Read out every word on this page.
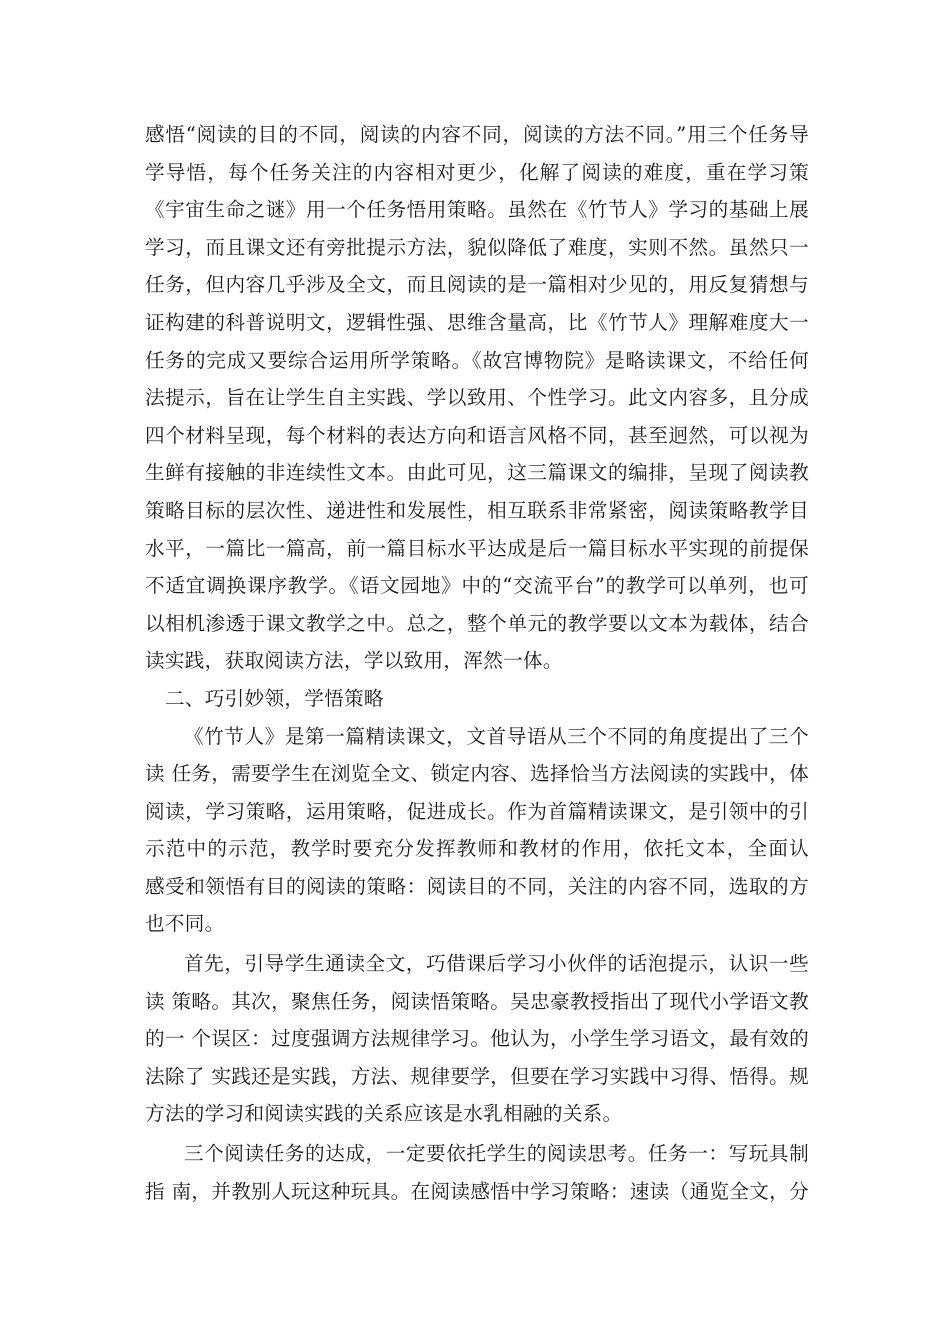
感悟“阅读的目的不同，阅读的内容不同，阅读的方法不同。”用三个任务导
学导悟，每个任务关注的内容相对更少，化解了阅读的难度，重在学习策
《宇宙生命之谜》用一个任务悟用策略。虽然在《竹节人》学习的基础上展
学习，而且课文还有旁批提示方法，貌似降低了难度，实则不然。虽然只一
任务，但内容几乎涉及全文，而且阅读的是一篇相对少见的，用反复猜想与
证构建的科普说明文，逻辑性强、思维含量高，比《竹节人》理解难度大一
任务的完成又要综合运用所学策略。《故宫博物院》是略读课文，不给任何
法提示，旨在让学生自主实践、学以致用、个性学习。此文内容多，且分成
四个材料呈现，每个材料的表达方向和语言风格不同，甚至迥然，可以视为
生鲜有接触的非连续性文本。由此可见，这三篇课文的编排，呈现了阅读教
策略目标的层次性、递进性和发展性，相互联系非常紧密，阅读策略教学目
水平，一篇比一篇高，前一篇目标水平达成是后一篇目标水平实现的前提保
不适宜调换课序教学。《语文园地》中的“交流平台”的教学可以单列，也可
以相机渗透于课文教学之中。总之，整个单元的教学要以文本为载体，结合
读实践，获取阅读方法，学以致用，浑然一体。
二、巧引妙领，学悟策略
《竹节人》是第一篇精读课文，文首导语从三个不同的角度提出了三个
读 任务，需要学生在浏览全文、锁定内容、选择恰当方法阅读的实践中，体
阅读，学习策略，运用策略，促进成长。作为首篇精读课文，是引领中的引
示范中的示范，教学时要充分发挥教师和教材的作用，依托文本，全面认
感受和领悟有目的阅读的策略：阅读目的不同，关注的内容不同，选取的方
也不同。
首先，引导学生通读全文，巧借课后学习小伙伴的话泡提示，认识一些
读 策略。其次，聚焦任务，阅读悟策略。吴忠豪教授指出了现代小学语文教
的一 个误区：过度强调方法规律学习。他认为，小学生学习语文，最有效的
法除了 实践还是实践，方法、规律要学，但要在学习实践中习得、悟得。规
方法的学习和阅读实践的关系应该是水乳相融的关系。
三个阅读任务的达成，一定要依托学生的阅读思考。任务一：写玩具制
指 南，并教别人玩这种玩具。在阅读感悟中学习策略：速读（通览全文，分
